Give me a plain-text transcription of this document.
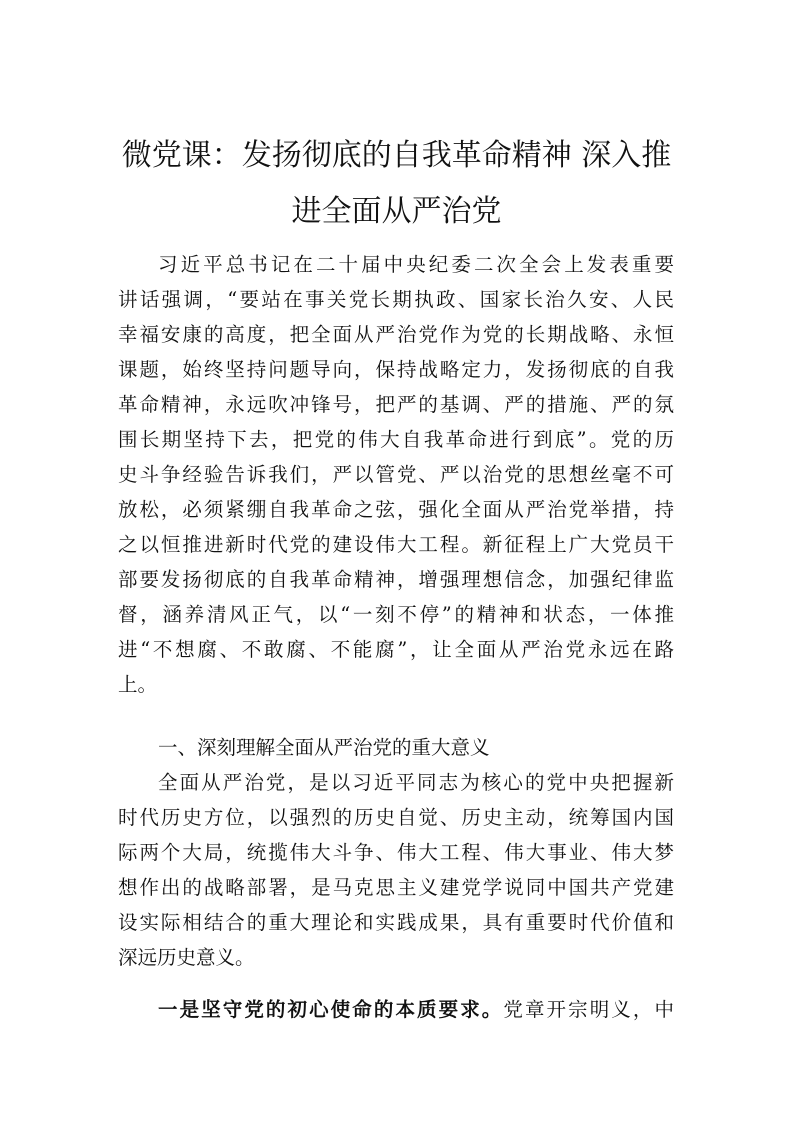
微党课：发扬彻底的自我革命精神 深入推
进全面从严治党
习近平总书记在二十届中央纪委二次全会上发表重要
讲话强调，“要站在事关党长期执政、国家长治久安、人民
幸福安康的高度，把全面从严治党作为党的长期战略、永恒
课题，始终坚持问题导向，保持战略定力，发扬彻底的自我
革命精神，永远吹冲锋号，把严的基调、严的措施、严的氛
围长期坚持下去，把党的伟大自我革命进行到底”。党的历
史斗争经验告诉我们，严以管党、严以治党的思想丝毫不可
放松，必须紧绷自我革命之弦，强化全面从严治党举措，持
之以恒推进新时代党的建设伟大工程。新征程上广大党员干
部要发扬彻底的自我革命精神，增强理想信念，加强纪律监
督，涵养清风正气，以“一刻不停”的精神和状态，一体推
进“不想腐、不敢腐、不能腐”，让全面从严治党永远在路
上。
一、深刻理解全面从严治党的重大意义
全面从严治党，是以习近平同志为核心的党中央把握新
时代历史方位，以强烈的历史自觉、历史主动，统筹国内国
际两个大局，统揽伟大斗争、伟大工程、伟大事业、伟大梦
想作出的战略部署，是马克思主义建党学说同中国共产党建
设实际相结合的重大理论和实践成果，具有重要时代价值和
深远历史意义。
一是坚守党的初心使命的本质要求。党章开宗明义，中
